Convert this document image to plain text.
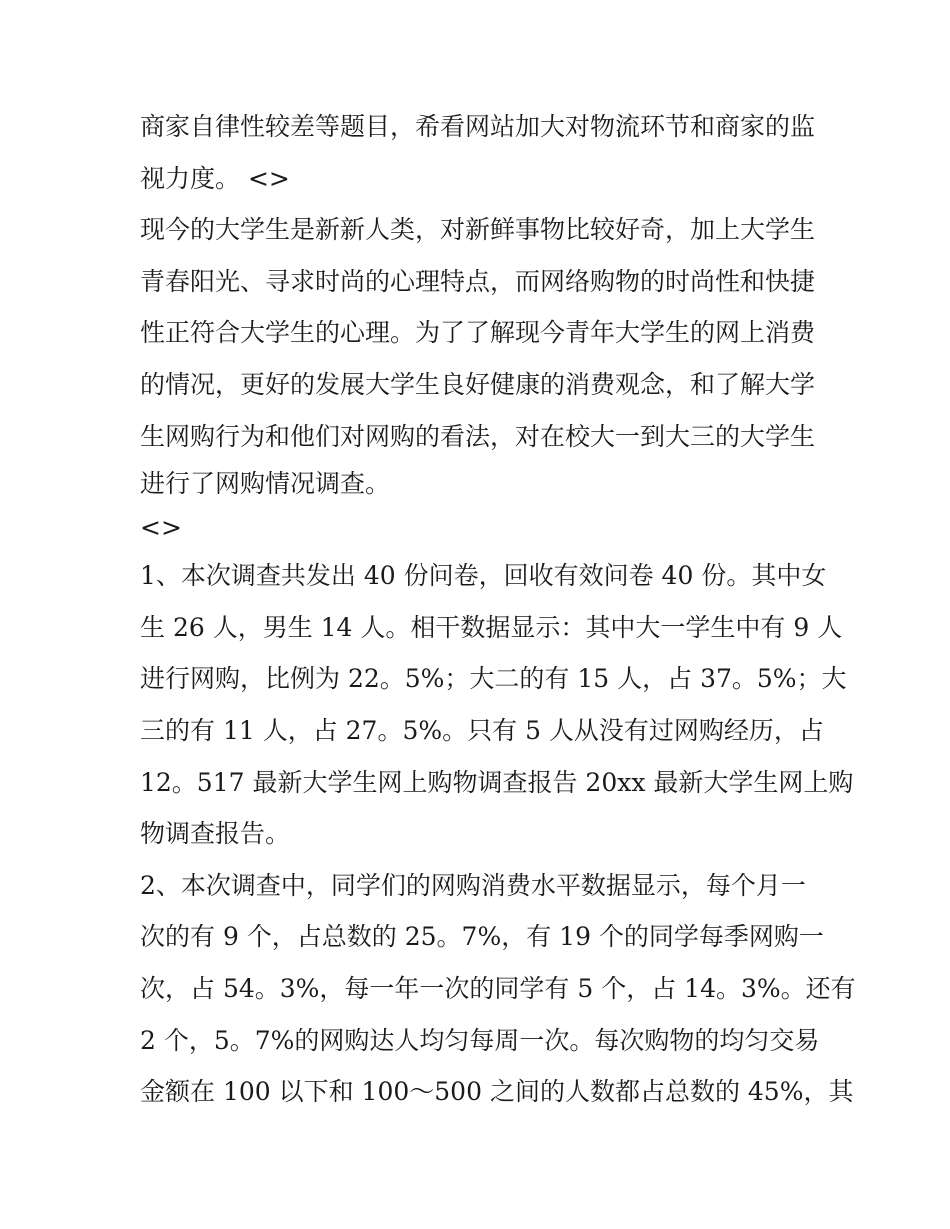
商家自律性较差等题目，希看网站加大对物流环节和商家的监
视力度。 <>
现今的大学生是新新人类，对新鲜事物比较好奇，加上大学生
青春阳光、寻求时尚的心理特点，而网络购物的时尚性和快捷
性正符合大学生的心理。为了了解现今青年大学生的网上消费
的情况，更好的发展大学生良好健康的消费观念，和了解大学
生网购行为和他们对网购的看法，对在校大一到大三的大学生
进行了网购情况调查。
<>
1、本次调查共发出 40 份问卷，回收有效问卷 40 份。其中女
生 26 人，男生 14 人。相干数据显示：其中大一学生中有 9 人
进行网购，比例为 22。5%；大二的有 15 人，占 37。5%；大
三的有 11 人，占 27。5%。只有 5 人从没有过网购经历，占
12。517 最新大学生网上购物调查报告 20xx 最新大学生网上购
物调查报告。
2、本次调查中，同学们的网购消费水平数据显示，每个月一
次的有 9 个，占总数的 25。7%，有 19 个的同学每季网购一
次，占 54。3%，每一年一次的同学有 5 个，占 14。3%。还有
2 个，5。7%的网购达人均匀每周一次。每次购物的均匀交易
金额在 100 以下和 100～500 之间的人数都占总数的 45%，其
